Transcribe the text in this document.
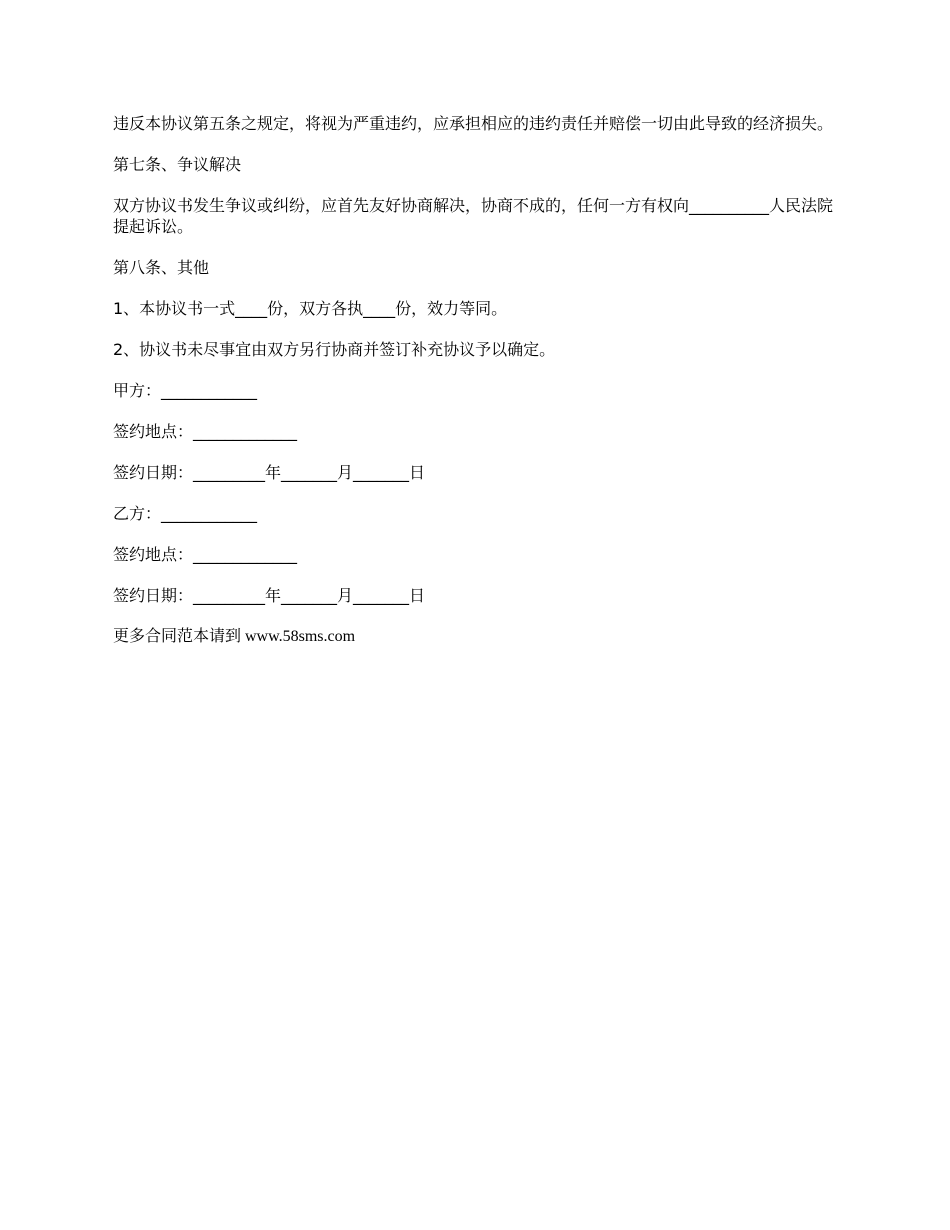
违反本协议第五条之规定，将视为严重违约，应承担相应的违约责任并赔偿一切由此导致的经济损失。

第七条、争议解决

双方协议书发生争议或纠纷，应首先友好协商解决，协商不成的，任何一方有权向__________人民法院提起诉讼。

第八条、其他

1、本协议书一式____份，双方各执____份，效力等同。

2、协议书未尽事宜由双方另行协商并签订补充协议予以确定。

甲方：____________

签约地点：_____________

签约日期：_________年_______月_______日

乙方：____________

签约地点：_____________

签约日期：_________年_______月_______日

更多合同范本请到 www.58sms.com
